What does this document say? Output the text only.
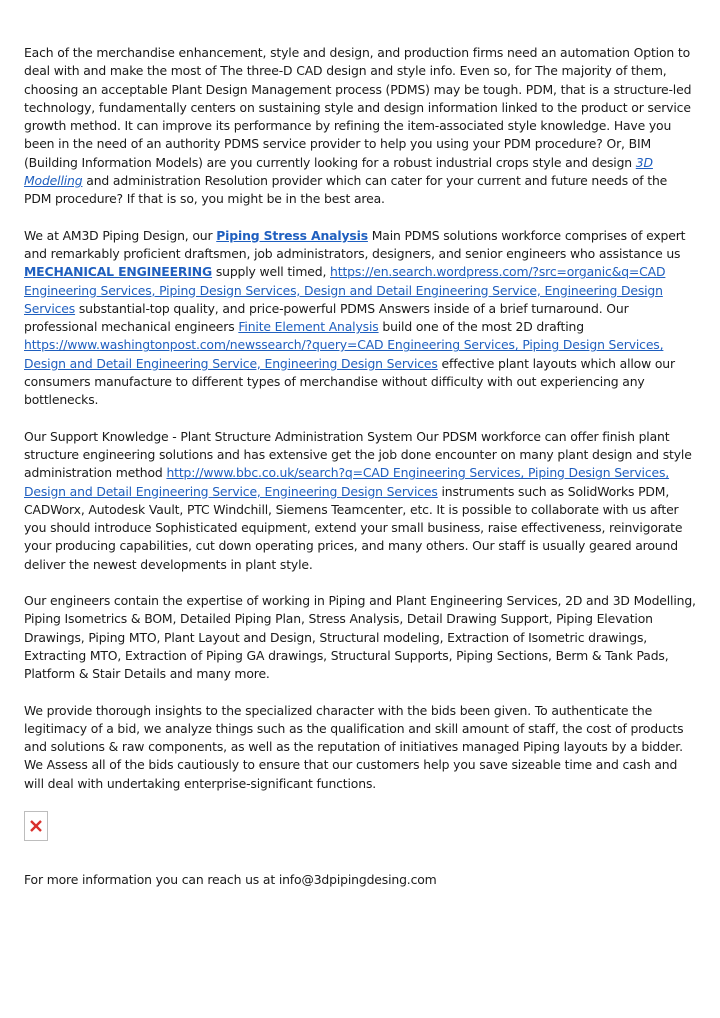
Each of the merchandise enhancement, style and design, and production firms need an automation Option to deal with and make the most of The three-D CAD design and style info. Even so, for The majority of them, choosing an acceptable Plant Design Management process (PDMS) may be tough. PDM, that is a structure-led technology, fundamentally centers on sustaining style and design information linked to the product or service growth method. It can improve its performance by refining the item-associated style knowledge. Have you been in the need of an authority PDMS service provider to help you using your PDM procedure? Or, BIM (Building Information Models) are you currently looking for a robust industrial crops style and design 3D Modelling and administration Resolution provider which can cater for your current and future needs of the PDM procedure? If that is so, you might be in the best area.

We at AM3D Piping Design, our Piping Stress Analysis Main PDMS solutions workforce comprises of expert and remarkably proficient draftsmen, job administrators, designers, and senior engineers who assistance us MECHANICAL ENGINEERING supply well timed, https://en.search.wordpress.com/?src=organic&q=CAD Engineering Services, Piping Design Services, Design and Detail Engineering Service, Engineering Design Services substantial-top quality, and price-powerful PDMS Answers inside of a brief turnaround. Our professional mechanical engineers Finite Element Analysis build one of the most 2D drafting https://www.washingtonpost.com/newssearch/?query=CAD Engineering Services, Piping Design Services, Design and Detail Engineering Service, Engineering Design Services effective plant layouts which allow our consumers manufacture to different types of merchandise without difficulty with out experiencing any bottlenecks.

Our Support Knowledge - Plant Structure Administration System Our PDSM workforce can offer finish plant structure engineering solutions and has extensive get the job done encounter on many plant design and style administration method http://www.bbc.co.uk/search?q=CAD Engineering Services, Piping Design Services, Design and Detail Engineering Service, Engineering Design Services instruments such as SolidWorks PDM, CADWorx, Autodesk Vault, PTC Windchill, Siemens Teamcenter, etc. It is possible to collaborate with us after you should introduce Sophisticated equipment, extend your small business, raise effectiveness, reinvigorate your producing capabilities, cut down operating prices, and many others. Our staff is usually geared around deliver the newest developments in plant style.

Our engineers contain the expertise of working in Piping and Plant Engineering Services, 2D and 3D Modelling, Piping Isometrics & BOM, Detailed Piping Plan, Stress Analysis, Detail Drawing Support, Piping Elevation Drawings, Piping MTO, Plant Layout and Design, Structural modeling, Extraction of Isometric drawings, Extracting MTO, Extraction of Piping GA drawings, Structural Supports, Piping Sections, Berm & Tank Pads, Platform & Stair Details and many more.

We provide thorough insights to the specialized character with the bids been given. To authenticate the legitimacy of a bid, we analyze things such as the qualification and skill amount of staff, the cost of products and solutions & raw components, as well as the reputation of initiatives managed Piping layouts by a bidder. We Assess all of the bids cautiously to ensure that our customers help you save sizeable time and cash and will deal with undertaking enterprise-significant functions.

For more information you can reach us at info@3dpipingdesing.com
